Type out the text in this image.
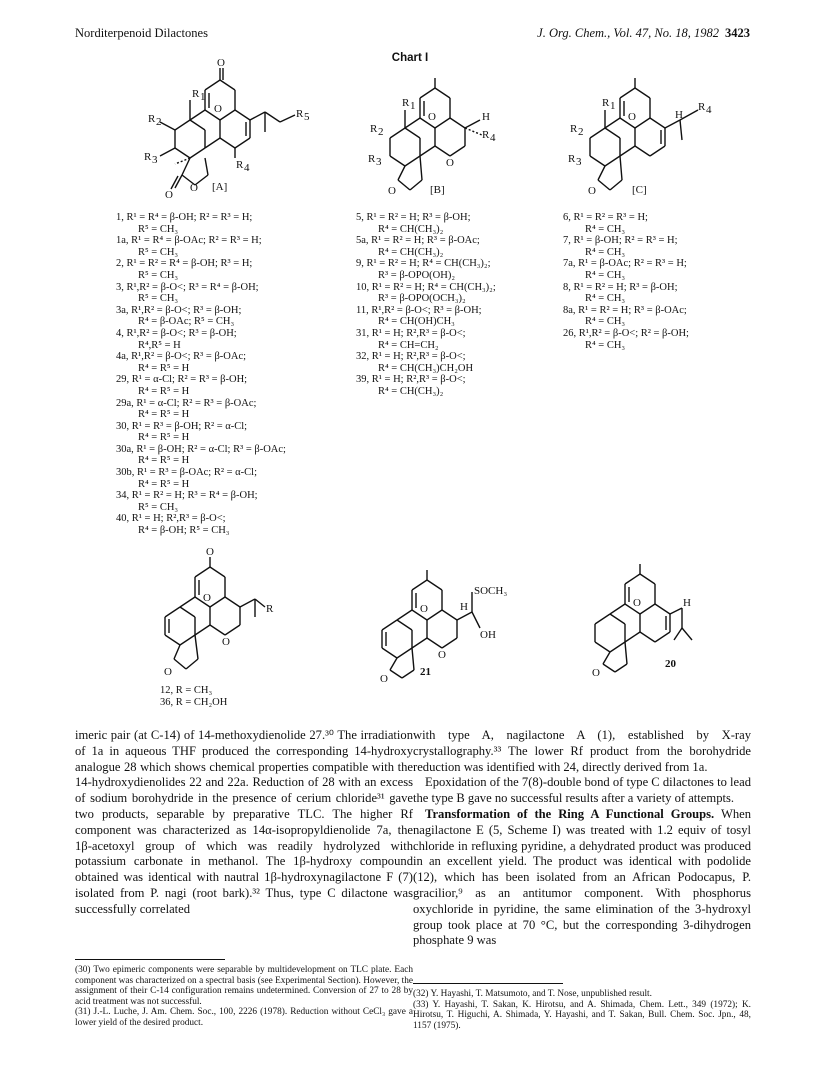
Norditerpenoid Dilactones	J. Org. Chem., Vol. 47, No. 18, 1982 3423
Chart I
O
O
R 1
R 2
R 3	R 4
R 5
O
O
[A]
O	H
R 4
R 1
R 2
R 3	O
O	[B]
O	H
R 4
R 1
R 2
R 3
O	[C]
1, R¹ = R⁴ = β-OH; R² = R³ = H;
R⁵ = CH₃
1a, R¹ = R⁴ = β-OAc; R² = R³ = H;
R⁵ = CH₃
2, R¹ = R² = R⁴ = β-OH; R³ = H;
R⁵ = CH₃
3, R¹,R² = β-O<; R³ = R⁴ = β-OH;
R⁵ = CH₃
3a, R¹,R² = β-O<; R³ = β-OH;
R⁴ = β-OAc; R⁵ = CH₃
4, R¹,R² = β-O<; R³ = β-OH;
R⁴,R⁵ = H
4a, R¹,R² = β-O<; R³ = β-OAc;
R⁴ = R⁵ = H
29, R¹ = α-Cl; R² = R³ = β-OH;
R⁴ = R⁵ = H
29a, R¹ = α-Cl; R² = R³ = β-OAc;
R⁴ = R⁵ = H
30, R¹ = R³ = β-OH; R² = α-Cl;
R⁴ = R⁵ = H
30a, R¹ = β-OH; R² = α-Cl; R³ = β-OAc;
R⁴ = R⁵ = H
30b, R¹ = R³ = β-OAc; R² = α-Cl;
R⁴ = R⁵ = H
34, R¹ = R² = H; R³ = R⁴ = β-OH;
R⁵ = CH₃
40, R¹ = H; R²,R³ = β-O<;
R⁴ = β-OH; R⁵ = CH₃
5, R¹ = R² = H; R³ = β-OH;
R⁴ = CH(CH₃)₂
5a, R¹ = R² = H; R³ = β-OAc;
R⁴ = CH(CH₃)₂
9, R¹ = R² = H; R⁴ = CH(CH₃)₂;
R³ = β-OPO(OH)₂
10, R¹ = R² = H; R⁴ = CH(CH₃)₂;
R³ = β-OPO(OCH₃)₂
11, R¹,R² = β-O<; R³ = β-OH;
R⁴ = CH(OH)CH₃
31, R¹ = H; R²,R³ = β-O<;
R⁴ = CH=CH₂
32, R¹ = H; R²,R³ = β-O<;
R⁴ = CH(CH₃)CH₂OH
39, R¹ = H; R²,R³ = β-O<;
R⁴ = CH(CH₃)₂
6, R¹ = R² = R³ = H;
R⁴ = CH₃
7, R¹ = β-OH; R² = R³ = H;
R⁴ = CH₃
7a, R¹ = β-OAc; R² = R³ = H;
R⁴ = CH₃
8, R¹ = R² = H; R³ = β-OH;
R⁴ = CH₃
8a, R¹ = R² = H; R³ = β-OAc;
R⁴ = CH₃
26, R¹,R² = β-O<; R² = β-OH;
R⁴ = CH₃
O
O
O
O
R
12, R = CH₃
36, R = CH₂OH
O	H
O
O
SOCH₃
OH
21
O	H
O
20

imeric pair (at C-14) of 14-methoxydienolide 27.³⁰ The irradiation of 1a in aqueous THF produced the corresponding 14-hydroxy analogue 28 which shows chemical properties compatible with the 14-hydroxydienolides 22 and 22a. Reduction of 28 with an excess of sodium borohydride in the presence of cerium chloride³¹ gave two products, separable by preparative TLC. The higher Rf component was characterized as 14α-isopropyldienolide 7a, the 1β-acetoxyl group of which was readily hydrolyzed with potassium carbonate in methanol. The 1β-hydroxy compound obtained was identical with nautral 1β-hydroxynagilactone F (7) isolated from P. nagi (root bark).³² Thus, type C dilactone was successfully correlated

with type A, nagilactone A (1), established by X-ray crystallography.³³ The lower Rf product from the borohydride reduction was identified with 24, directly derived from 1a.

Epoxidation of the 7(8)-double bond of type C dilactones to lead the type B gave no successful results after a variety of attempts.

Transformation of the Ring A Functional Groups. When nagilactone E (5, Scheme I) was treated with 1.2 equiv of tosyl chloride in refluxing pyridine, a dehydrated product was produced in an excellent yield. The product was identical with podolide (12), which has been isolated from an African Podocapus, P. gracilior,⁹ as an antitumor component. With phosphorus oxychloride in pyridine, the same elimination of the 3-hydroxyl group took place at 70 °C, but the corresponding 3-dihydrogen phosphate 9 was

(30) Two epimeric components were separable by multidevelopment on TLC plate. Each component was characterized on a spectral basis (see Experimental Section). However, the assignment of their C-14 configuration remains undetermined. Conversion of 27 to 28 by acid treatment was not successful.
(31) J.-L. Luche, J. Am. Chem. Soc., 100, 2226 (1978). Reduction without CeCl₃ gave a lower yield of the desired product.
(32) Y. Hayashi, T. Matsumoto, and T. Nose, unpublished result.
(33) Y. Hayashi, T. Sakan, K. Hirotsu, and A. Shimada, Chem. Lett., 349 (1972); K. Hirotsu, T. Higuchi, A. Shimada, Y. Hayashi, and T. Sakan, Bull. Chem. Soc. Jpn., 48, 1157 (1975).
